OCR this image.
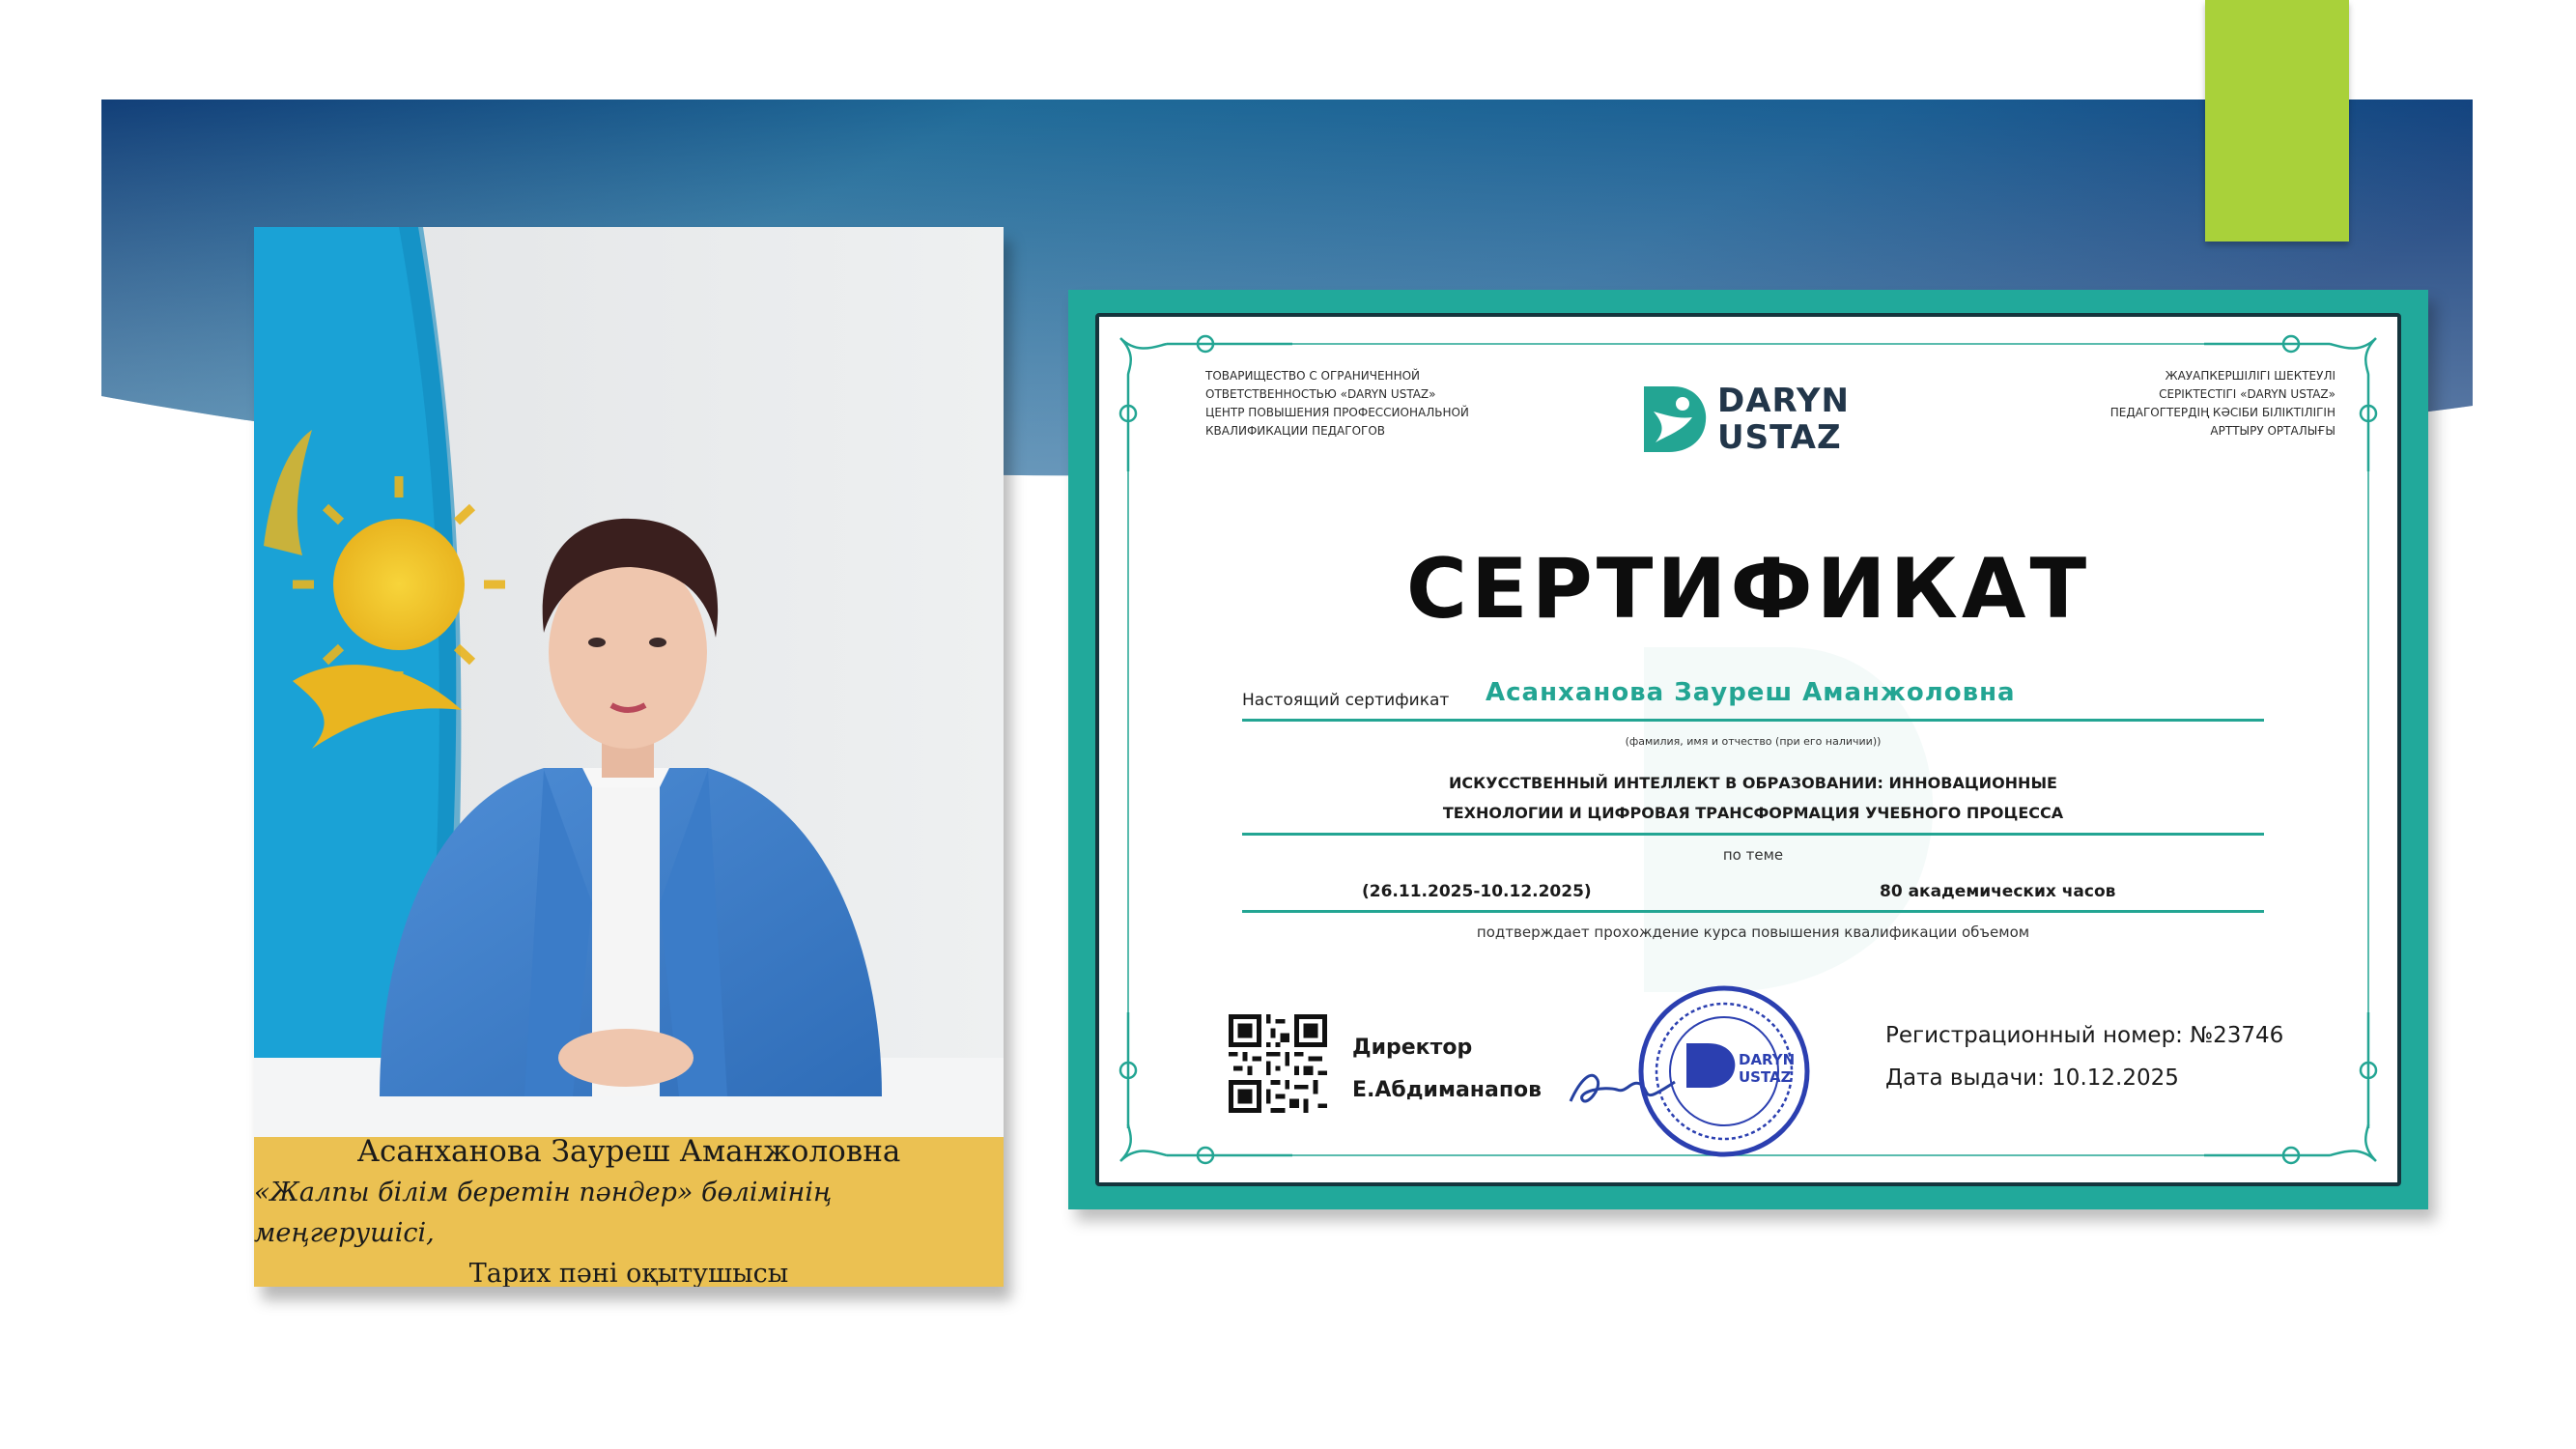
Асанханова Зауреш Аманжоловна
«Жалпы білім беретін пәндер» бөлімінің меңгерушісі,
Тарих пәні оқытушысы
ТОВАРИЩЕСТВО С ОГРАНИЧЕННОЙ
ОТВЕТСТВЕННОСТЬЮ «DARYN USTAZ»
ЦЕНТР ПОВЫШЕНИЯ ПРОФЕССИОНАЛЬНОЙ
КВАЛИФИКАЦИИ ПЕДАГОГОВ
ЖАУАПКЕРШІЛІГІ ШЕКТЕУЛІ
СЕРІКТЕСТІГІ «DARYN USTAZ»
ПЕДАГОГТЕРДІҢ КӘСІБИ БІЛІКТІЛІГІН
АРТТЫРУ ОРТАЛЫҒЫ
DARYN
USTAZ
СЕРТИФИКАТ
Настоящий сертификат Асанханова Зауреш Аманжоловна
(фамилия, имя и отчество (при его наличии))
ИСКУССТВЕННЫЙ ИНТЕЛЛЕКТ В ОБРАЗОВАНИИ: ИННОВАЦИОННЫЕ
ТЕХНОЛОГИИ И ЦИФРОВАЯ ТРАНСФОРМАЦИЯ УЧЕБНОГО ПРОЦЕССА
по теме
(26.11.2025-10.12.2025)	80 академических часов
подтверждает прохождение курса повышения квалификации объемом
Директор
Е.Абдиманапов
DARYN
USTAZ
Регистрационный номер: №23746
Дата выдачи: 10.12.2025
